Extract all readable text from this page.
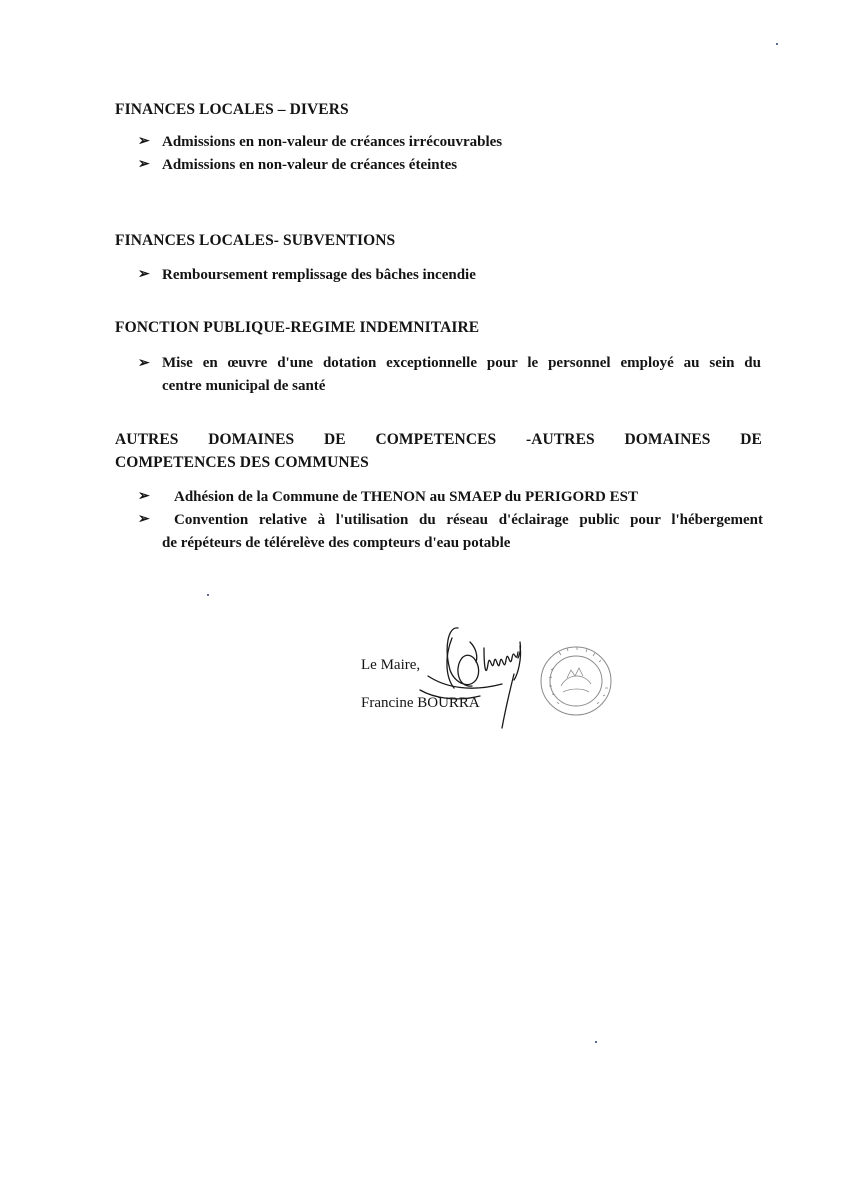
FINANCES LOCALES – DIVERS
➢ Admissions en non-valeur de créances irrécouvrables
➢ Admissions en non-valeur de créances éteintes
FINANCES LOCALES- SUBVENTIONS
➢ Remboursement remplissage des bâches incendie
FONCTION PUBLIQUE-REGIME INDEMNITAIRE
➢ Mise en œuvre d'une dotation exceptionnelle pour le personnel employé au sein du
centre municipal de santé
AUTRES DOMAINES DE COMPETENCES -AUTRES DOMAINES DE
COMPETENCES DES COMMUNES
➢ Adhésion de la Commune de THENON au SMAEP du PERIGORD EST
➢ Convention relative à l'utilisation du réseau d'éclairage public pour l'hébergement
de répéteurs de télérelève des compteurs d'eau potable
Le Maire,
Francine BOURRA
